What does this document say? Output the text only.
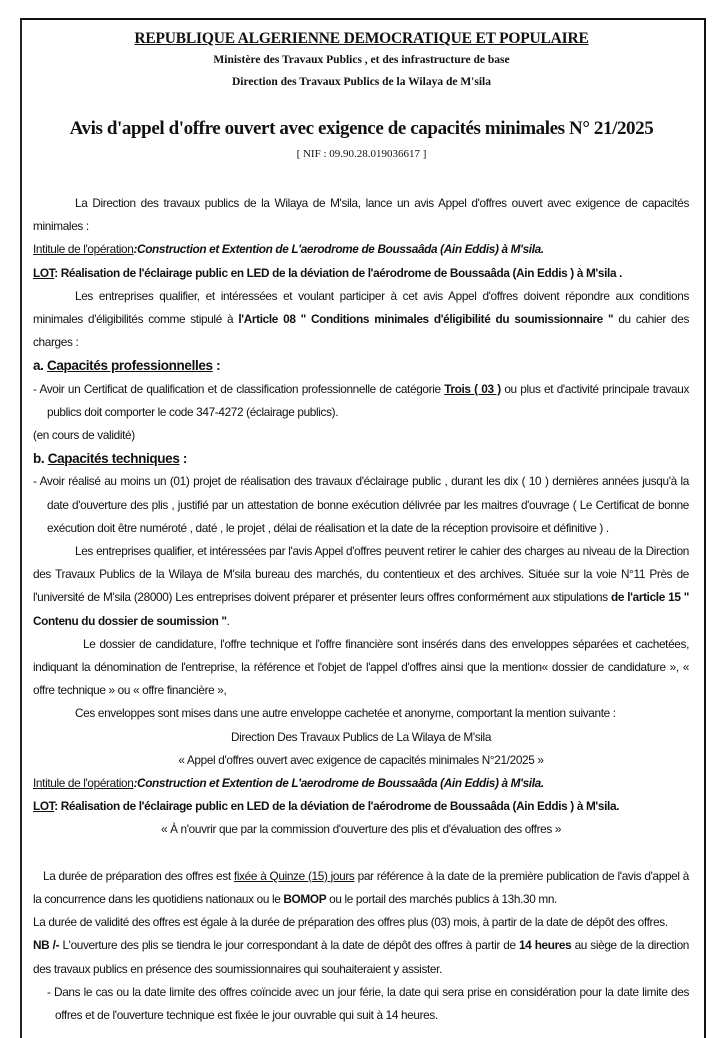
REPUBLIQUE ALGERIENNE DEMOCRATIQUE ET POPULAIRE
Ministère des Travaux Publics , et des infrastructure de base
Direction des Travaux Publics de la Wilaya de M'sila
Avis d'appel d'offre ouvert avec exigence de capacités minimales N° 21/2025
[ NIF : 09.90.28.019036617 ]

La Direction des travaux publics de la Wilaya de M'sila, lance un avis Appel d'offres ouvert avec exigence de capacités minimales :

Intitule de l'opération:Construction et Extention de L'aerodrome de Boussaâda (Ain Eddis) à M'sila.

LOT: Réalisation de l'éclairage public en LED de la déviation de l'aérodrome de Boussaâda (Ain Eddis ) à M'sila .

Les entreprises qualifier, et intéressées et voulant participer à cet avis Appel d'offres doivent répondre aux conditions minimales d'éligibilités comme stipulé à l'Article 08 " Conditions minimales d'éligibilité du soumissionnaire " du cahier des charges :

a. Capacités professionnelles :

- Avoir un Certificat de qualification et de classification professionnelle de catégorie Trois ( 03 ) ou plus et d'activité principale travaux publics doit comporter le code 347-4272 (éclairage publics).

(en cours de validité)

b. Capacités techniques :

- Avoir réalisé au moins un (01) projet de réalisation des travaux d'éclairage public , durant les dix ( 10 ) dernières années jusqu'à la date d'ouverture des plis , justifié par un attestation de bonne exécution délivrée par les maitres d'ouvrage ( Le Certificat de bonne exécution doit être numéroté , daté , le projet , délai de réalisation et la date de la réception provisoire et définitive ) .

Les entreprises qualifier, et intéressées par l'avis Appel d'offres peuvent retirer le cahier des charges au niveau de la Direction des Travaux Publics de la Wilaya de M'sila bureau des marchés, du contentieux et des archives. Située sur la voie N°11 Près de l'université de M'sila (28000) Les entreprises doivent préparer et présenter leurs offres conformément aux stipulations de l'article 15 " Contenu du dossier de soumission ".

Le dossier de candidature, l'offre technique et l'offre financière sont insérés dans des enveloppes séparées et cachetées, indiquant la dénomination de l'entreprise, la référence et l'objet de l'appel d'offres ainsi que la mention« dossier de candidature », « offre technique » ou « offre financière »,

Ces enveloppes sont mises dans une autre enveloppe cachetée et anonyme, comportant la mention suivante :

Direction Des Travaux Publics de La Wilaya de M'sila

« Appel d'offres ouvert avec exigence de capacités minimales N°21/2025 »

Intitule de l'opération:Construction et Extention de L'aerodrome de Boussaâda (Ain Eddis) à M'sila.

LOT: Réalisation de l'éclairage public en LED de la déviation de l'aérodrome de Boussaâda (Ain Eddis ) à M'sila.

« À n'ouvrir que par la commission d'ouverture des plis et d'évaluation des offres »

La durée de préparation des offres est fixée à Quinze (15) jours par référence à la date de la première publication de l'avis d'appel à la concurrence dans les quotidiens nationaux ou le BOMOP ou le portail des marchés publics à 13h.30 mn.

La durée de validité des offres est égale à la durée de préparation des offres plus (03) mois, à partir de la date de dépôt des offres.

NB /- L'ouverture des plis se tiendra le jour correspondant à la date de dépôt des offres à partir de 14 heures au siège de la direction des travaux publics en présence des soumissionnaires qui souhaiteraient y assister.

- Dans le cas ou la date limite des offres coïncide avec un jour férie, la date qui sera prise en considération pour la date limite des offres et de l'ouverture technique est fixée le jour ouvrable qui suit à 14 heures.
